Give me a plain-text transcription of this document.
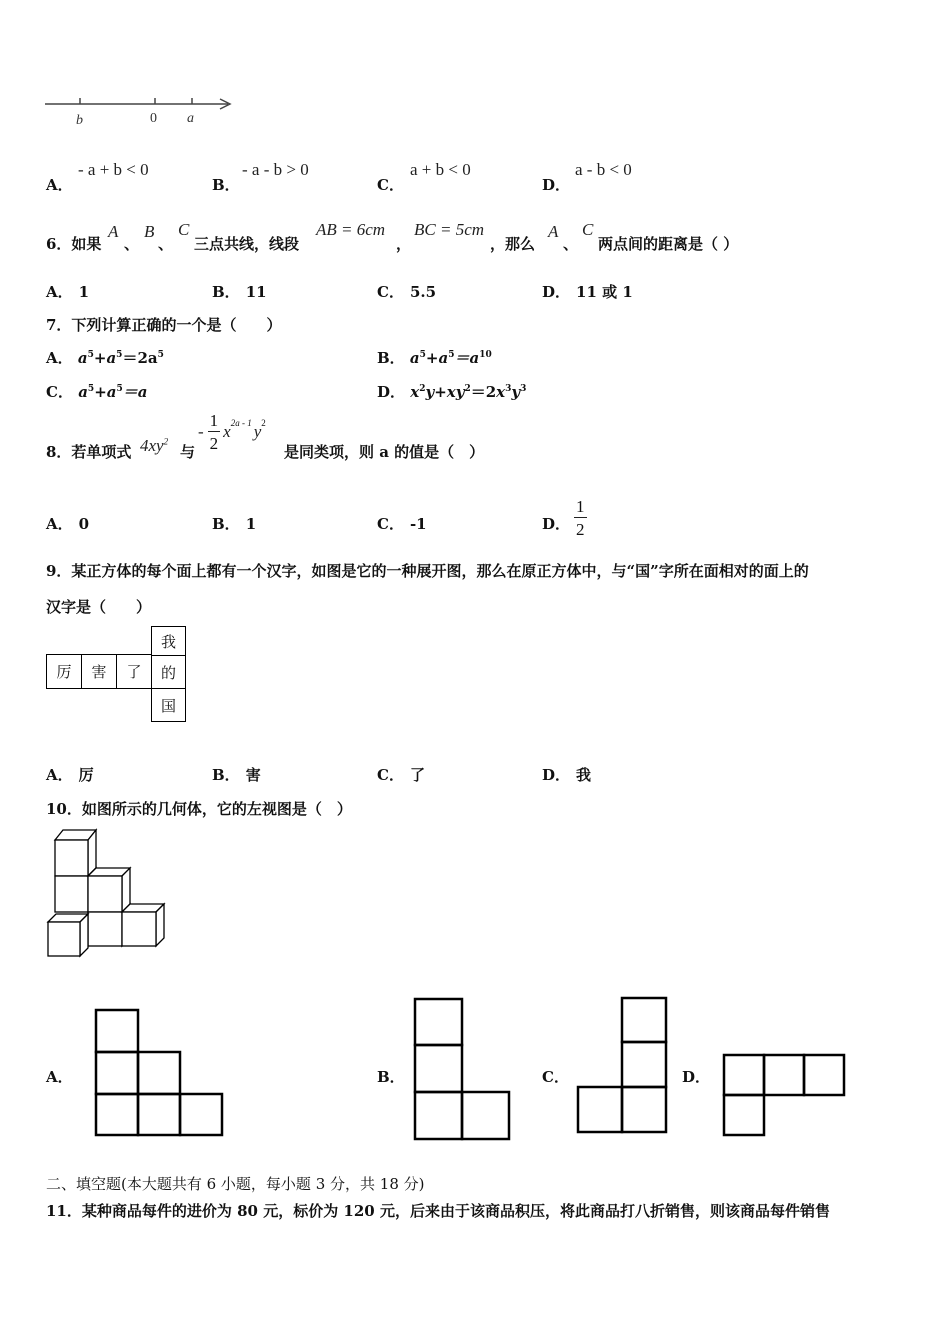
b	0 a
A．
- a + b < 0
B．
- a - b > 0
C．
a + b < 0
D．
a - b < 0
6．如果
A
、
B
、
C
三点共线，线段
AB = 6cm
，
BC = 5cm
，那么
A
、
C
两点间的距离是（ ）
A． 1	B． 11	C． 5.5	D． 11 或 1
7．下列计算正确的一个是（　　）
A． $a^5+a^5=2a^5$	B． $a^5+a^5=a^{10}$
C． $a^5+a^5=a$	D． $x^2y+xy^2=2x^3y^3$
8．若单项式 $4xy^2$
与
- $\frac{1}{2} x^{2a - 1}$ $y^2$
是同类项，则 a 的值是（　）
A． 0	B． 1	C． -1	D． $\frac{1}{2}$
9．某正方体的每个面上都有一个汉字，如图是它的一种展开图，那么在原正方体中，与“国”字所在面相对的面上的
汉字是（　　）
厉	害	了
我
的
国
A． 厉	B． 害	C． 了	D． 我
10．如图所示的几何体，它的左视图是（　）
A．	B．	C．	D．
二、填空题(本大题共有 6 小题，每小题 3 分，共 18 分)
11．某种商品每件的进价为 80 元，标价为 120 元，后来由于该商品积压，将此商品打八折销售，则该商品每件销售
